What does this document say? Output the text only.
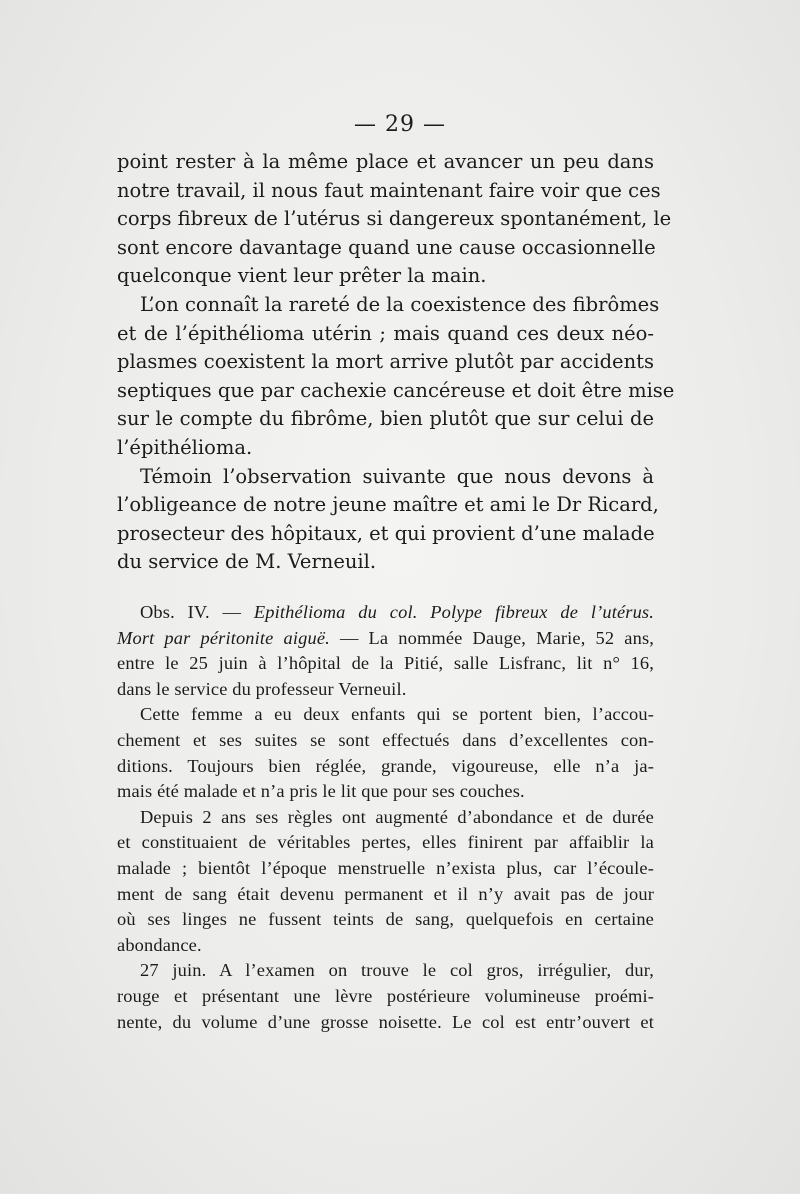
— 29 —

point rester à la même place et avancer un peu dans
notre travail, il nous faut maintenant faire voir que ces
corps fibreux de l’utérus si dangereux spontanément, le
sont encore davantage quand une cause occasionnelle
quelconque vient leur prêter la main.

L’on connaît la rareté de la coexistence des fibrômes
et de l’épithélioma utérin ; mais quand ces deux néo-
plasmes coexistent la mort arrive plutôt par accidents
septiques que par cachexie cancéreuse et doit être mise
sur le compte du fibrôme, bien plutôt que sur celui de
l’épithélioma.

Témoin l’observation suivante que nous devons à
l’obligeance de notre jeune maître et ami le Dr Ricard,
prosecteur des hôpitaux, et qui provient d’une malade
du service de M. Verneuil.

Obs. IV. — Epithélioma du col. Polype fibreux de l’utérus.
Mort par péritonite aiguë. — La nommée Dauge, Marie, 52 ans,
entre le 25 juin à l’hôpital de la Pitié, salle Lisfranc, lit n° 16,
dans le service du professeur Verneuil.

Cette femme a eu deux enfants qui se portent bien, l’accou-
chement et ses suites se sont effectués dans d’excellentes con-
ditions. Toujours bien réglée, grande, vigoureuse, elle n’a ja-
mais été malade et n’a pris le lit que pour ses couches.

Depuis 2 ans ses règles ont augmenté d’abondance et de durée
et constituaient de véritables pertes, elles finirent par affaiblir la
malade ; bientôt l’époque menstruelle n’exista plus, car l’écoule-
ment de sang était devenu permanent et il n’y avait pas de jour
où ses linges ne fussent teints de sang, quelquefois en certaine
abondance.

27 juin. A l’examen on trouve le col gros, irrégulier, dur,
rouge et présentant une lèvre postérieure volumineuse proémi-
nente, du volume d’une grosse noisette. Le col est entr’ouvert et
